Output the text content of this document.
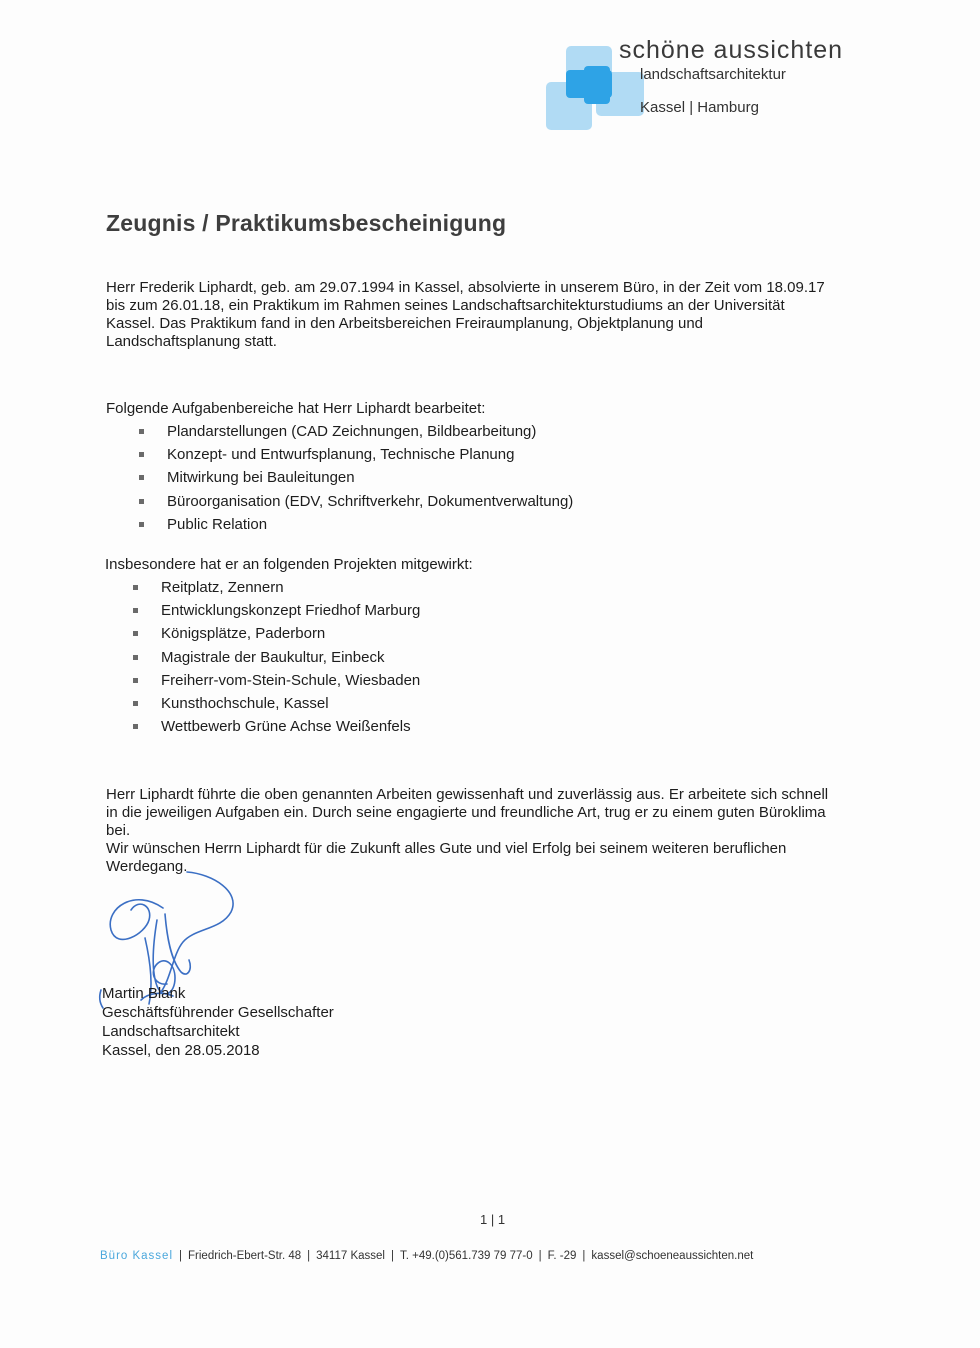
schöne aussichten
landschaftsarchitektur
Kassel | Hamburg
Zeugnis / Praktikumsbescheinigung

Herr Frederik Liphardt, geb. am 29.07.1994 in Kassel, absolvierte in unserem Büro, in der Zeit vom 18.09.17
bis zum 26.01.18, ein Praktikum im Rahmen seines Landschaftsarchitekturstudiums an der Universität
Kassel. Das Praktikum fand in den Arbeitsbereichen Freiraumplanung, Objektplanung und
Landschaftsplanung statt.

Folgende Aufgabenbereiche hat Herr Liphardt bearbeitet:
Plandarstellungen (CAD Zeichnungen, Bildbearbeitung)
Konzept- und Entwurfsplanung, Technische Planung
Mitwirkung bei Bauleitungen
Büroorganisation (EDV, Schriftverkehr, Dokumentverwaltung)
Public Relation
Insbesondere hat er an folgenden Projekten mitgewirkt:
Reitplatz, Zennern
Entwicklungskonzept Friedhof Marburg
Königsplätze, Paderborn
Magistrale der Baukultur, Einbeck
Freiherr-vom-Stein-Schule, Wiesbaden
Kunsthochschule, Kassel
Wettbewerb Grüne Achse Weißenfels

Herr Liphardt führte die oben genannten Arbeiten gewissenhaft und zuverlässig aus. Er arbeitete sich schnell
in die jeweiligen Aufgaben ein. Durch seine engagierte und freundliche Art, trug er zu einem guten Büroklima
bei.
Wir wünschen Herrn Liphardt für die Zukunft alles Gute und viel Erfolg bei seinem weiteren beruflichen
Werdegang.

Martin Blank
Geschäftsführender Gesellschafter
Landschaftsarchitekt
Kassel, den 28.05.2018
1 | 1
Büro Kassel | Friedrich-Ebert-Str. 48 | 34117 Kassel | T. +49.(0)561.739 79 77-0 | F. -29 | kassel@schoeneaussichten.net
